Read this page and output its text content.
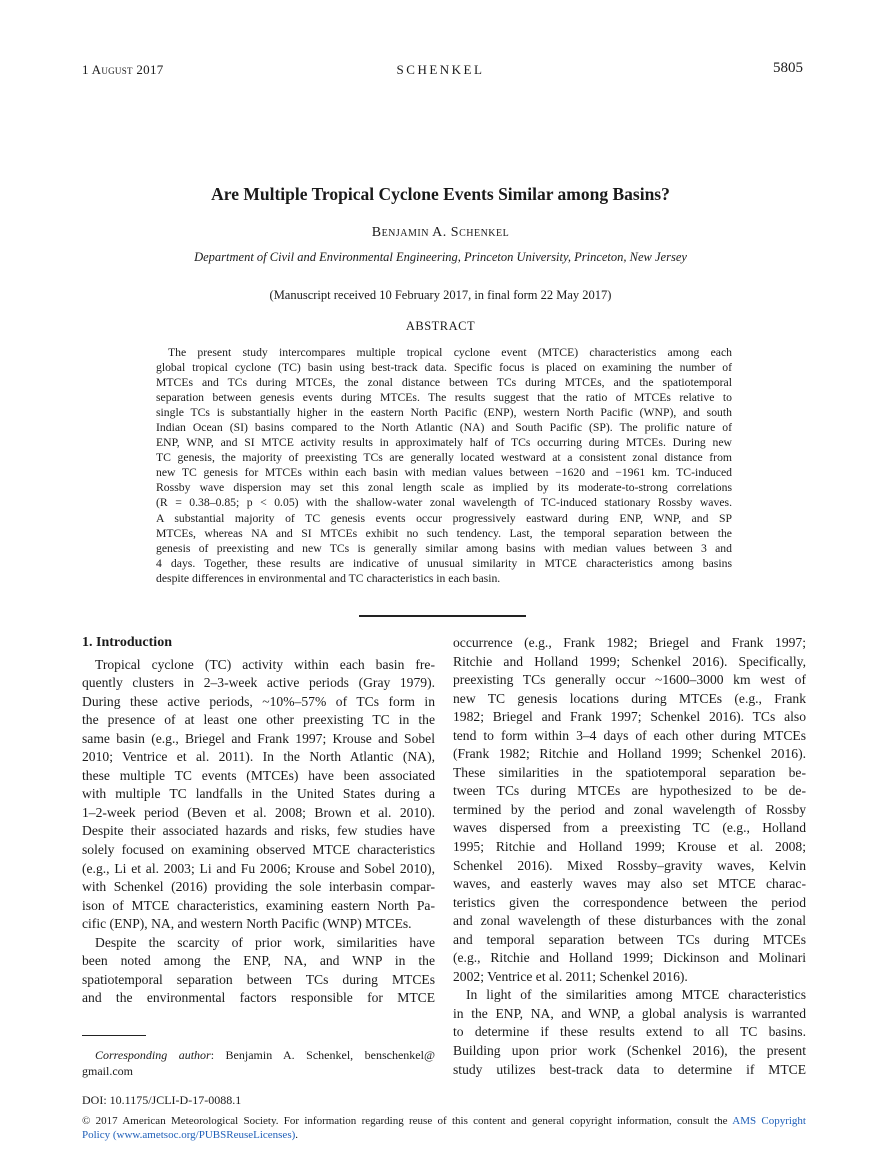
1 August 2017	SCHENKEL	5805
Are Multiple Tropical Cyclone Events Similar among Basins?
Benjamin A. Schenkel
Department of Civil and Environmental Engineering, Princeton University, Princeton, New Jersey
(Manuscript received 10 February 2017, in final form 22 May 2017)
ABSTRACT
The present study intercompares multiple tropical cyclone event (MTCE) characteristics among each
global tropical cyclone (TC) basin using best-track data. Specific focus is placed on examining the number of
MTCEs and TCs during MTCEs, the zonal distance between TCs during MTCEs, and the spatiotemporal
separation between genesis events during MTCEs. The results suggest that the ratio of MTCEs relative to
single TCs is substantially higher in the eastern North Pacific (ENP), western North Pacific (WNP), and south
Indian Ocean (SI) basins compared to the North Atlantic (NA) and South Pacific (SP). The prolific nature of
ENP, WNP, and SI MTCE activity results in approximately half of TCs occurring during MTCEs. During new
TC genesis, the majority of preexisting TCs are generally located westward at a consistent zonal distance from
new TC genesis for MTCEs within each basin with median values between −1620 and −1961 km. TC-induced
Rossby wave dispersion may set this zonal length scale as implied by its moderate-to-strong correlations
(R = 0.38–0.85; p < 0.05) with the shallow-water zonal wavelength of TC-induced stationary Rossby waves.
A substantial majority of TC genesis events occur progressively eastward during ENP, WNP, and SP
MTCEs, whereas NA and SI MTCEs exhibit no such tendency. Last, the temporal separation between the
genesis of preexisting and new TCs is generally similar among basins with median values between 3 and
4 days. Together, these results are indicative of unusual similarity in MTCE characteristics among basins
despite differences in environmental and TC characteristics in each basin.
1. Introduction
Tropical cyclone (TC) activity within each basin fre-
quently clusters in 2–3-week active periods (Gray 1979).
During these active periods, ~10%–57% of TCs form in
the presence of at least one other preexisting TC in the
same basin (e.g., Briegel and Frank 1997; Krouse and Sobel
2010; Ventrice et al. 2011). In the North Atlantic (NA),
these multiple TC events (MTCEs) have been associated
with multiple TC landfalls in the United States during a
1–2-week period (Beven et al. 2008; Brown et al. 2010).
Despite their associated hazards and risks, few studies have
solely focused on examining observed MTCE characteristics
(e.g., Li et al. 2003; Li and Fu 2006; Krouse and Sobel 2010),
with Schenkel (2016) providing the sole interbasin compar-
ison of MTCE characteristics, examining eastern North Pa-
cific (ENP), NA, and western North Pacific (WNP) MTCEs.
Despite the scarcity of prior work, similarities have
been noted among the ENP, NA, and WNP in the
spatiotemporal separation between TCs during MTCEs
and the environmental factors responsible for MTCE
occurrence (e.g., Frank 1982; Briegel and Frank 1997;
Ritchie and Holland 1999; Schenkel 2016). Specifically,
preexisting TCs generally occur ~1600–3000 km west of
new TC genesis locations during MTCEs (e.g., Frank
1982; Briegel and Frank 1997; Schenkel 2016). TCs also
tend to form within 3–4 days of each other during MTCEs
(Frank 1982; Ritchie and Holland 1999; Schenkel 2016).
These similarities in the spatiotemporal separation be-
tween TCs during MTCEs are hypothesized to be de-
termined by the period and zonal wavelength of Rossby
waves dispersed from a preexisting TC (e.g., Holland
1995; Ritchie and Holland 1999; Krouse et al. 2008;
Schenkel 2016). Mixed Rossby–gravity waves, Kelvin
waves, and easterly waves may also set MTCE charac-
teristics given the correspondence between the period
and zonal wavelength of these disturbances with the zonal
and temporal separation between TCs during MTCEs
(e.g., Ritchie and Holland 1999; Dickinson and Molinari
2002; Ventrice et al. 2011; Schenkel 2016).
In light of the similarities among MTCE characteristics
in the ENP, NA, and WNP, a global analysis is warranted
to determine if these results extend to all TC basins.
Building upon prior work (Schenkel 2016), the present
study utilizes best-track data to determine if MTCE
Corresponding author: Benjamin A. Schenkel, benschenkel@
gmail.com
DOI: 10.1175/JCLI-D-17-0088.1
© 2017 American Meteorological Society. For information regarding reuse of this content and general copyright information, consult the AMS Copyright
Policy (www.ametsoc.org/PUBSReuseLicenses).
